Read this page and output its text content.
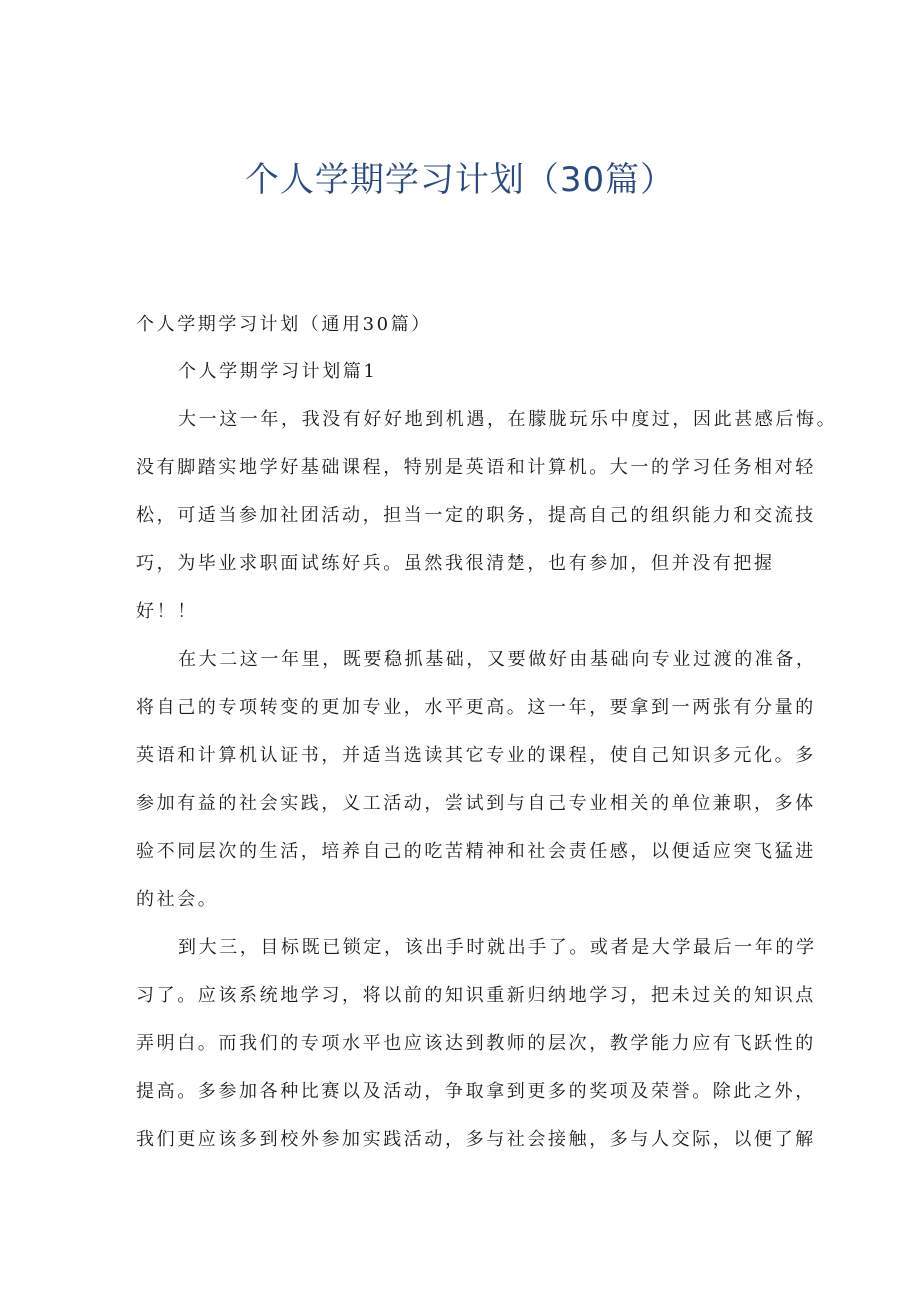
个人学期学习计划（30篇）
个人学期学习计划（通用30篇）
个人学期学习计划篇1
大一这一年，我没有好好地到机遇，在朦胧玩乐中度过，因此甚感后悔。
没有脚踏实地学好基础课程，特别是英语和计算机。大一的学习任务相对轻
松，可适当参加社团活动，担当一定的职务，提高自己的组织能力和交流技
巧，为毕业求职面试练好兵。虽然我很清楚，也有参加，但并没有把握
好！！
在大二这一年里，既要稳抓基础，又要做好由基础向专业过渡的准备，
将自己的专项转变的更加专业，水平更高。这一年，要拿到一两张有分量的
英语和计算机认证书，并适当选读其它专业的课程，使自己知识多元化。多
参加有益的社会实践，义工活动，尝试到与自己专业相关的单位兼职，多体
验不同层次的生活，培养自己的吃苦精神和社会责任感，以便适应突飞猛进
的社会。
到大三，目标既已锁定，该出手时就出手了。或者是大学最后一年的学
习了。应该系统地学习，将以前的知识重新归纳地学习，把未过关的知识点
弄明白。而我们的专项水平也应该达到教师的层次，教学能力应有飞跃性的
提高。多参加各种比赛以及活动，争取拿到更多的奖项及荣誉。除此之外，
我们更应该多到校外参加实践活动，多与社会接触，多与人交际，以便了解
